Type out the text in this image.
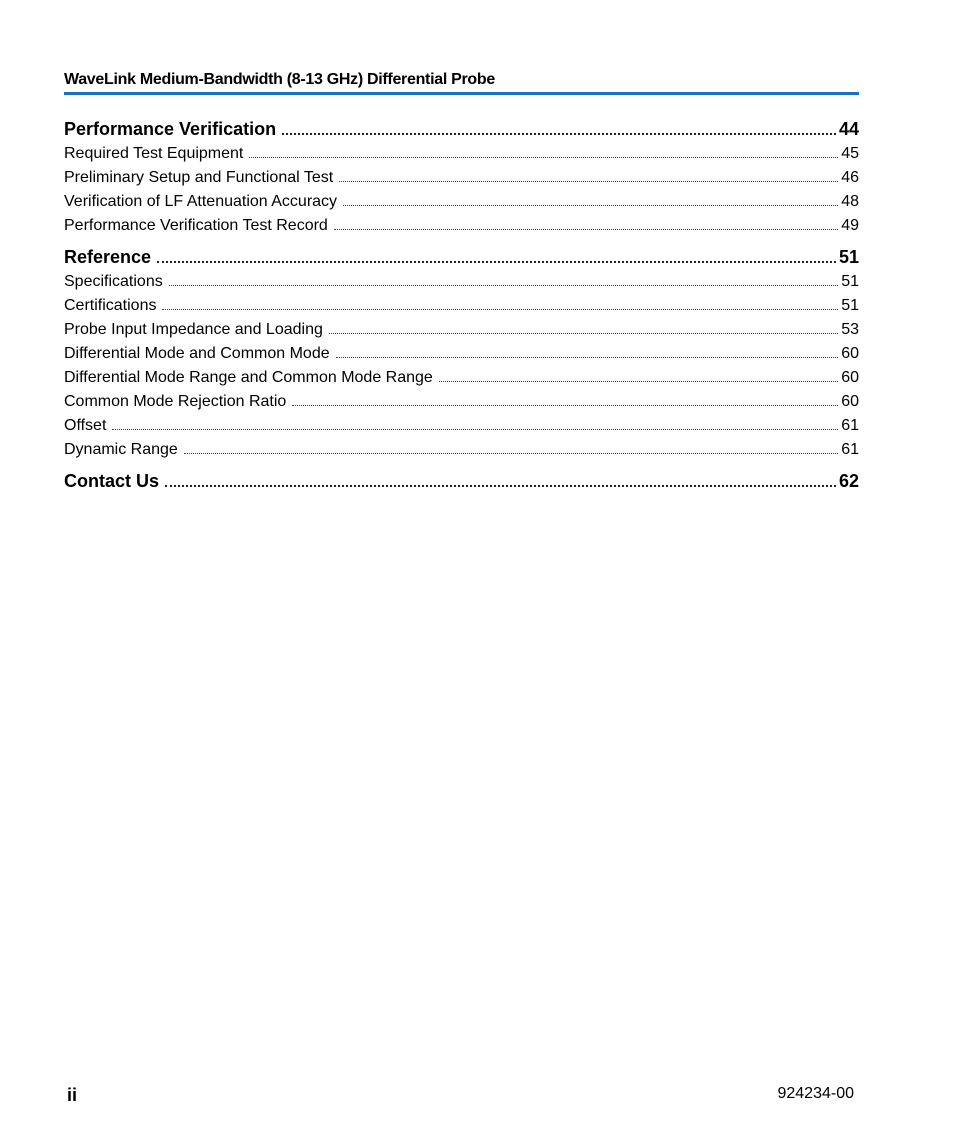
WaveLink Medium-Bandwidth (8-13 GHz) Differential Probe
Performance Verification	44
Required Test Equipment	45
Preliminary Setup and Functional Test	46
Verification of LF Attenuation Accuracy	48
Performance Verification Test Record	49
Reference	51
Specifications	51
Certifications	51
Probe Input Impedance and Loading	53
Differential Mode and Common Mode	60
Differential Mode Range and Common Mode Range	60
Common Mode Rejection Ratio	60
Offset	61
Dynamic Range	61
Contact Us	62
ii	924234-00
